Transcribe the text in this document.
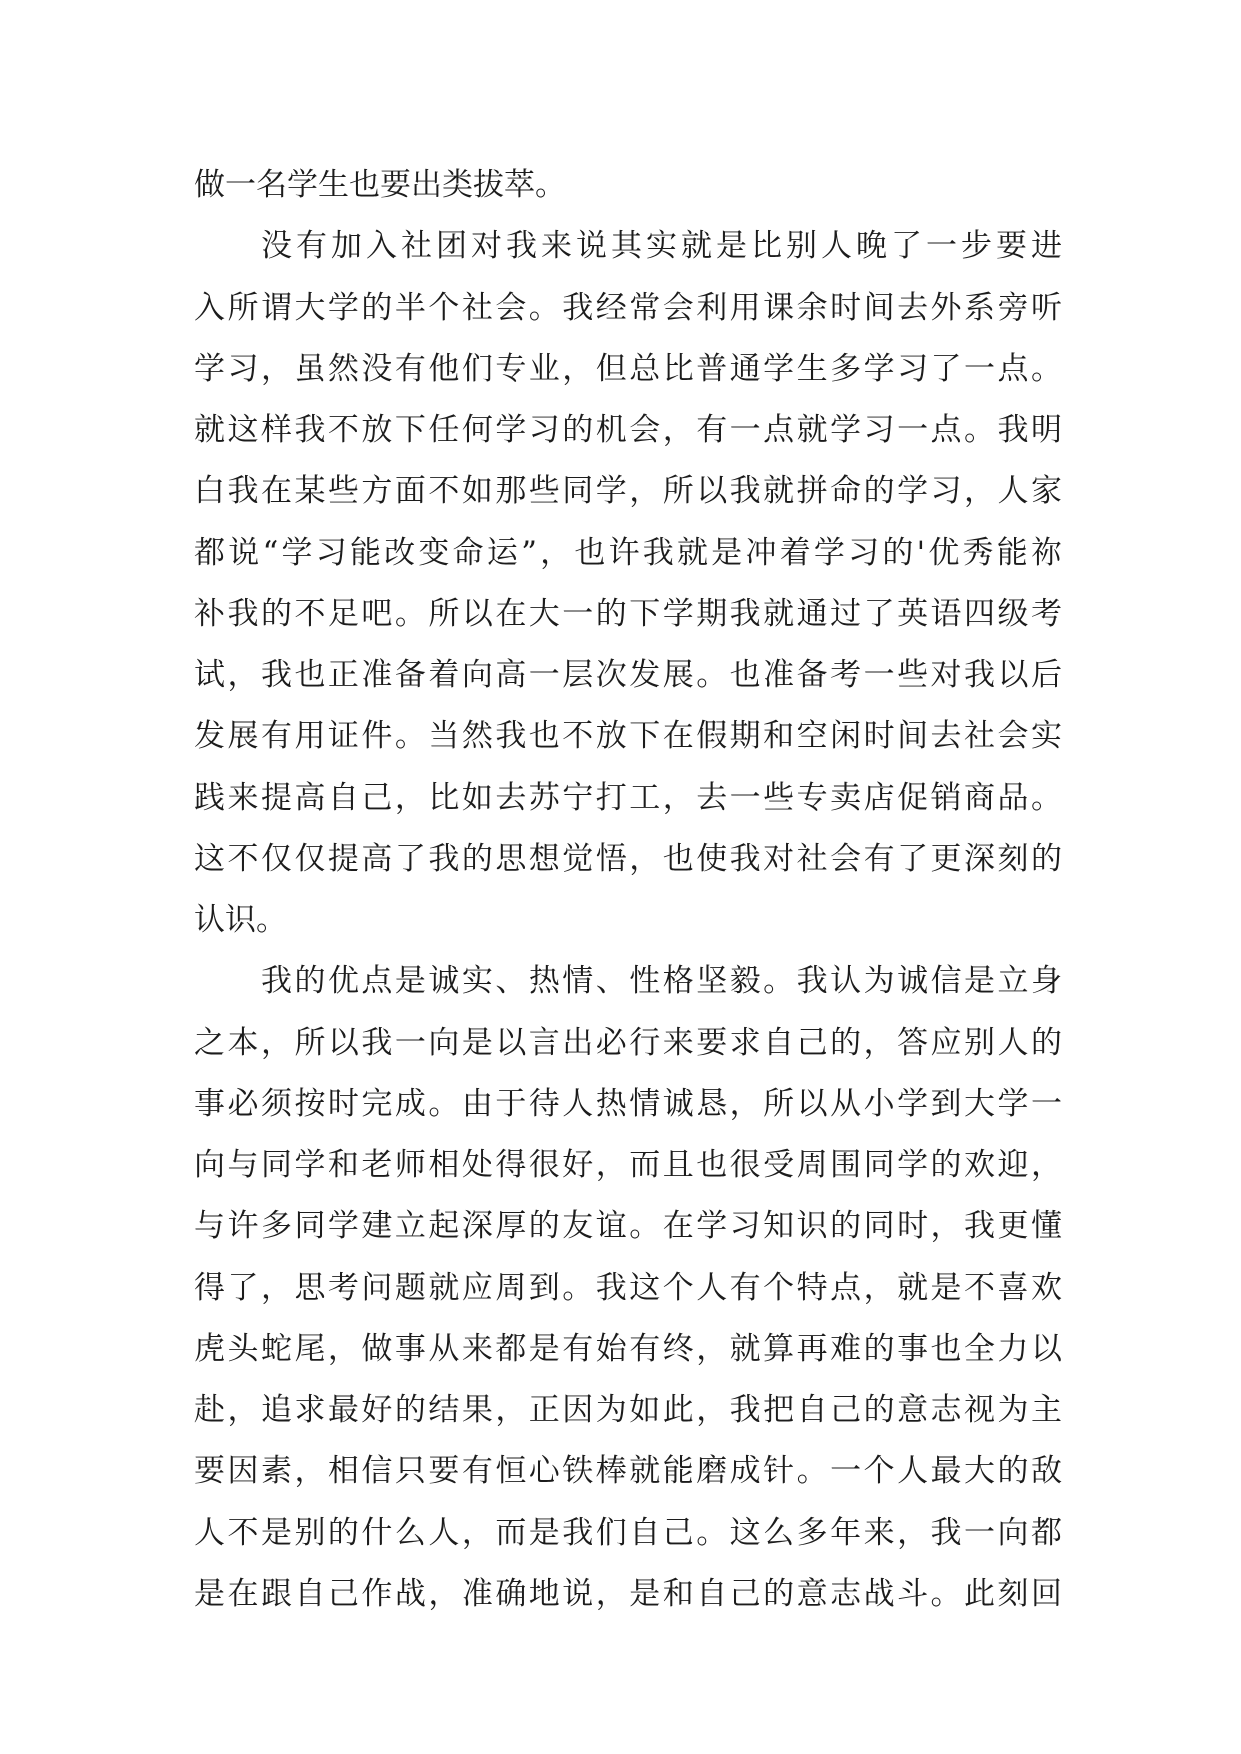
做一名学生也要出类拔萃。
没有加入社团对我来说其实就是比别人晚了一步要进
入所谓大学的半个社会。我经常会利用课余时间去外系旁听
学习，虽然没有他们专业，但总比普通学生多学习了一点。
就这样我不放下任何学习的机会，有一点就学习一点。我明
白我在某些方面不如那些同学，所以我就拼命的学习，人家
都说“学习能改变命运”，也许我就是冲着学习的'优秀能祢
补我的不足吧。所以在大一的下学期我就通过了英语四级考
试，我也正准备着向高一层次发展。也准备考一些对我以后
发展有用证件。当然我也不放下在假期和空闲时间去社会实
践来提高自己，比如去苏宁打工，去一些专卖店促销商品。
这不仅仅提高了我的思想觉悟，也使我对社会有了更深刻的
认识。
我的优点是诚实、热情、性格坚毅。我认为诚信是立身
之本，所以我一向是以言出必行来要求自己的，答应别人的
事必须按时完成。由于待人热情诚恳，所以从小学到大学一
向与同学和老师相处得很好，而且也很受周围同学的欢迎，
与许多同学建立起深厚的友谊。在学习知识的同时，我更懂
得了，思考问题就应周到。我这个人有个特点，就是不喜欢
虎头蛇尾，做事从来都是有始有终，就算再难的事也全力以
赴，追求最好的结果，正因为如此，我把自己的意志视为主
要因素，相信只要有恒心铁棒就能磨成针。一个人最大的敌
人不是别的什么人，而是我们自己。这么多年来，我一向都
是在跟自己作战，准确地说，是和自己的意志战斗。此刻回
